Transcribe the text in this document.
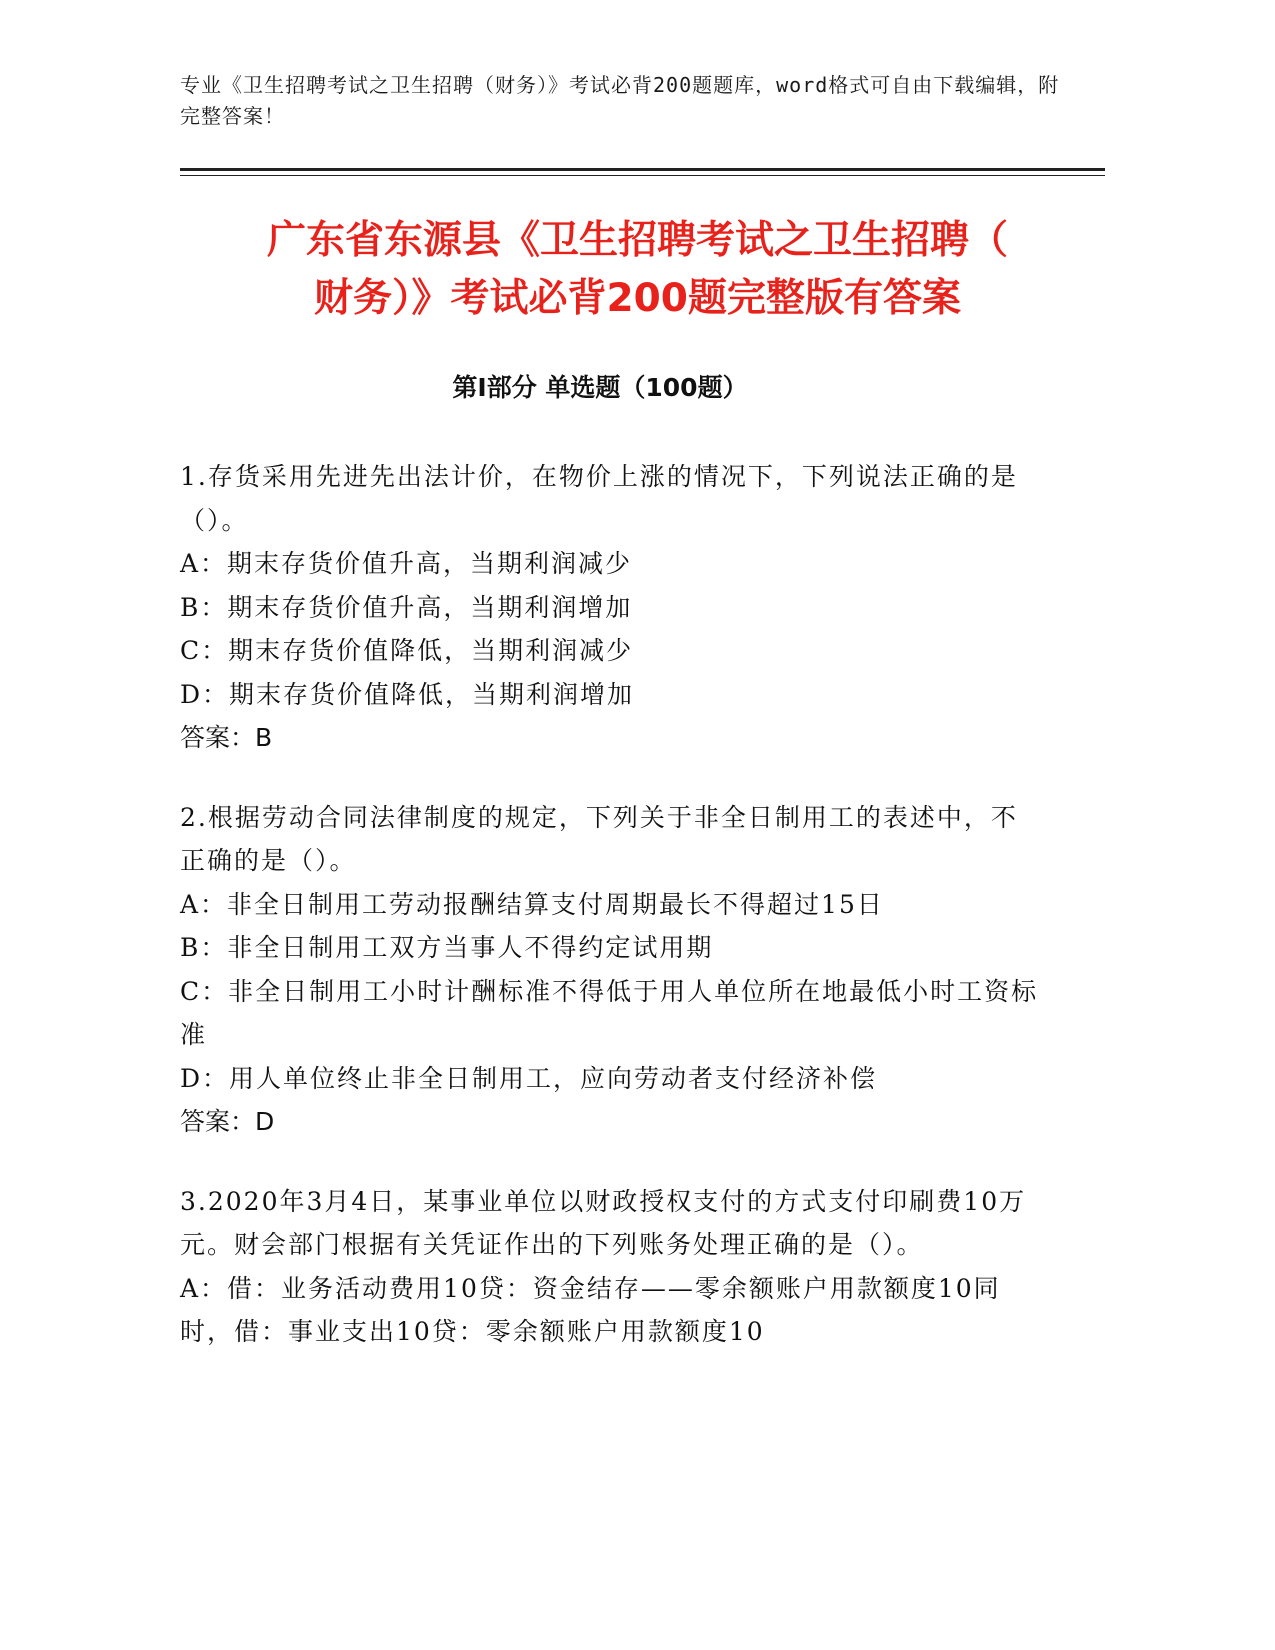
专业《卫生招聘考试之卫生招聘（财务）》考试必背200题题库，word格式可自由下载编辑，附完整答案！
广东省东源县《卫生招聘考试之卫生招聘（
财务）》考试必背200题完整版有答案
第I部分 单选题（100题）

1.存货采用先进先出法计价，在物价上涨的情况下，下列说法正确的是（）。

A：期末存货价值升高，当期利润减少

B：期末存货价值升高，当期利润增加

C：期末存货价值降低，当期利润减少

D：期末存货价值降低，当期利润增加

答案：B

2.根据劳动合同法律制度的规定，下列关于非全日制用工的表述中，不正确的是（）。

A：非全日制用工劳动报酬结算支付周期最长不得超过15日

B：非全日制用工双方当事人不得约定试用期

C：非全日制用工小时计酬标准不得低于用人单位所在地最低小时工资标准

D：用人单位终止非全日制用工，应向劳动者支付经济补偿

答案：D

3.2020年3月4日，某事业单位以财政授权支付的方式支付印刷费10万元。财会部门根据有关凭证作出的下列账务处理正确的是（）。

A：借：业务活动费用10贷：资金结存——零余额账户用款额度10同时，借：事业支出10贷：零余额账户用款额度10
